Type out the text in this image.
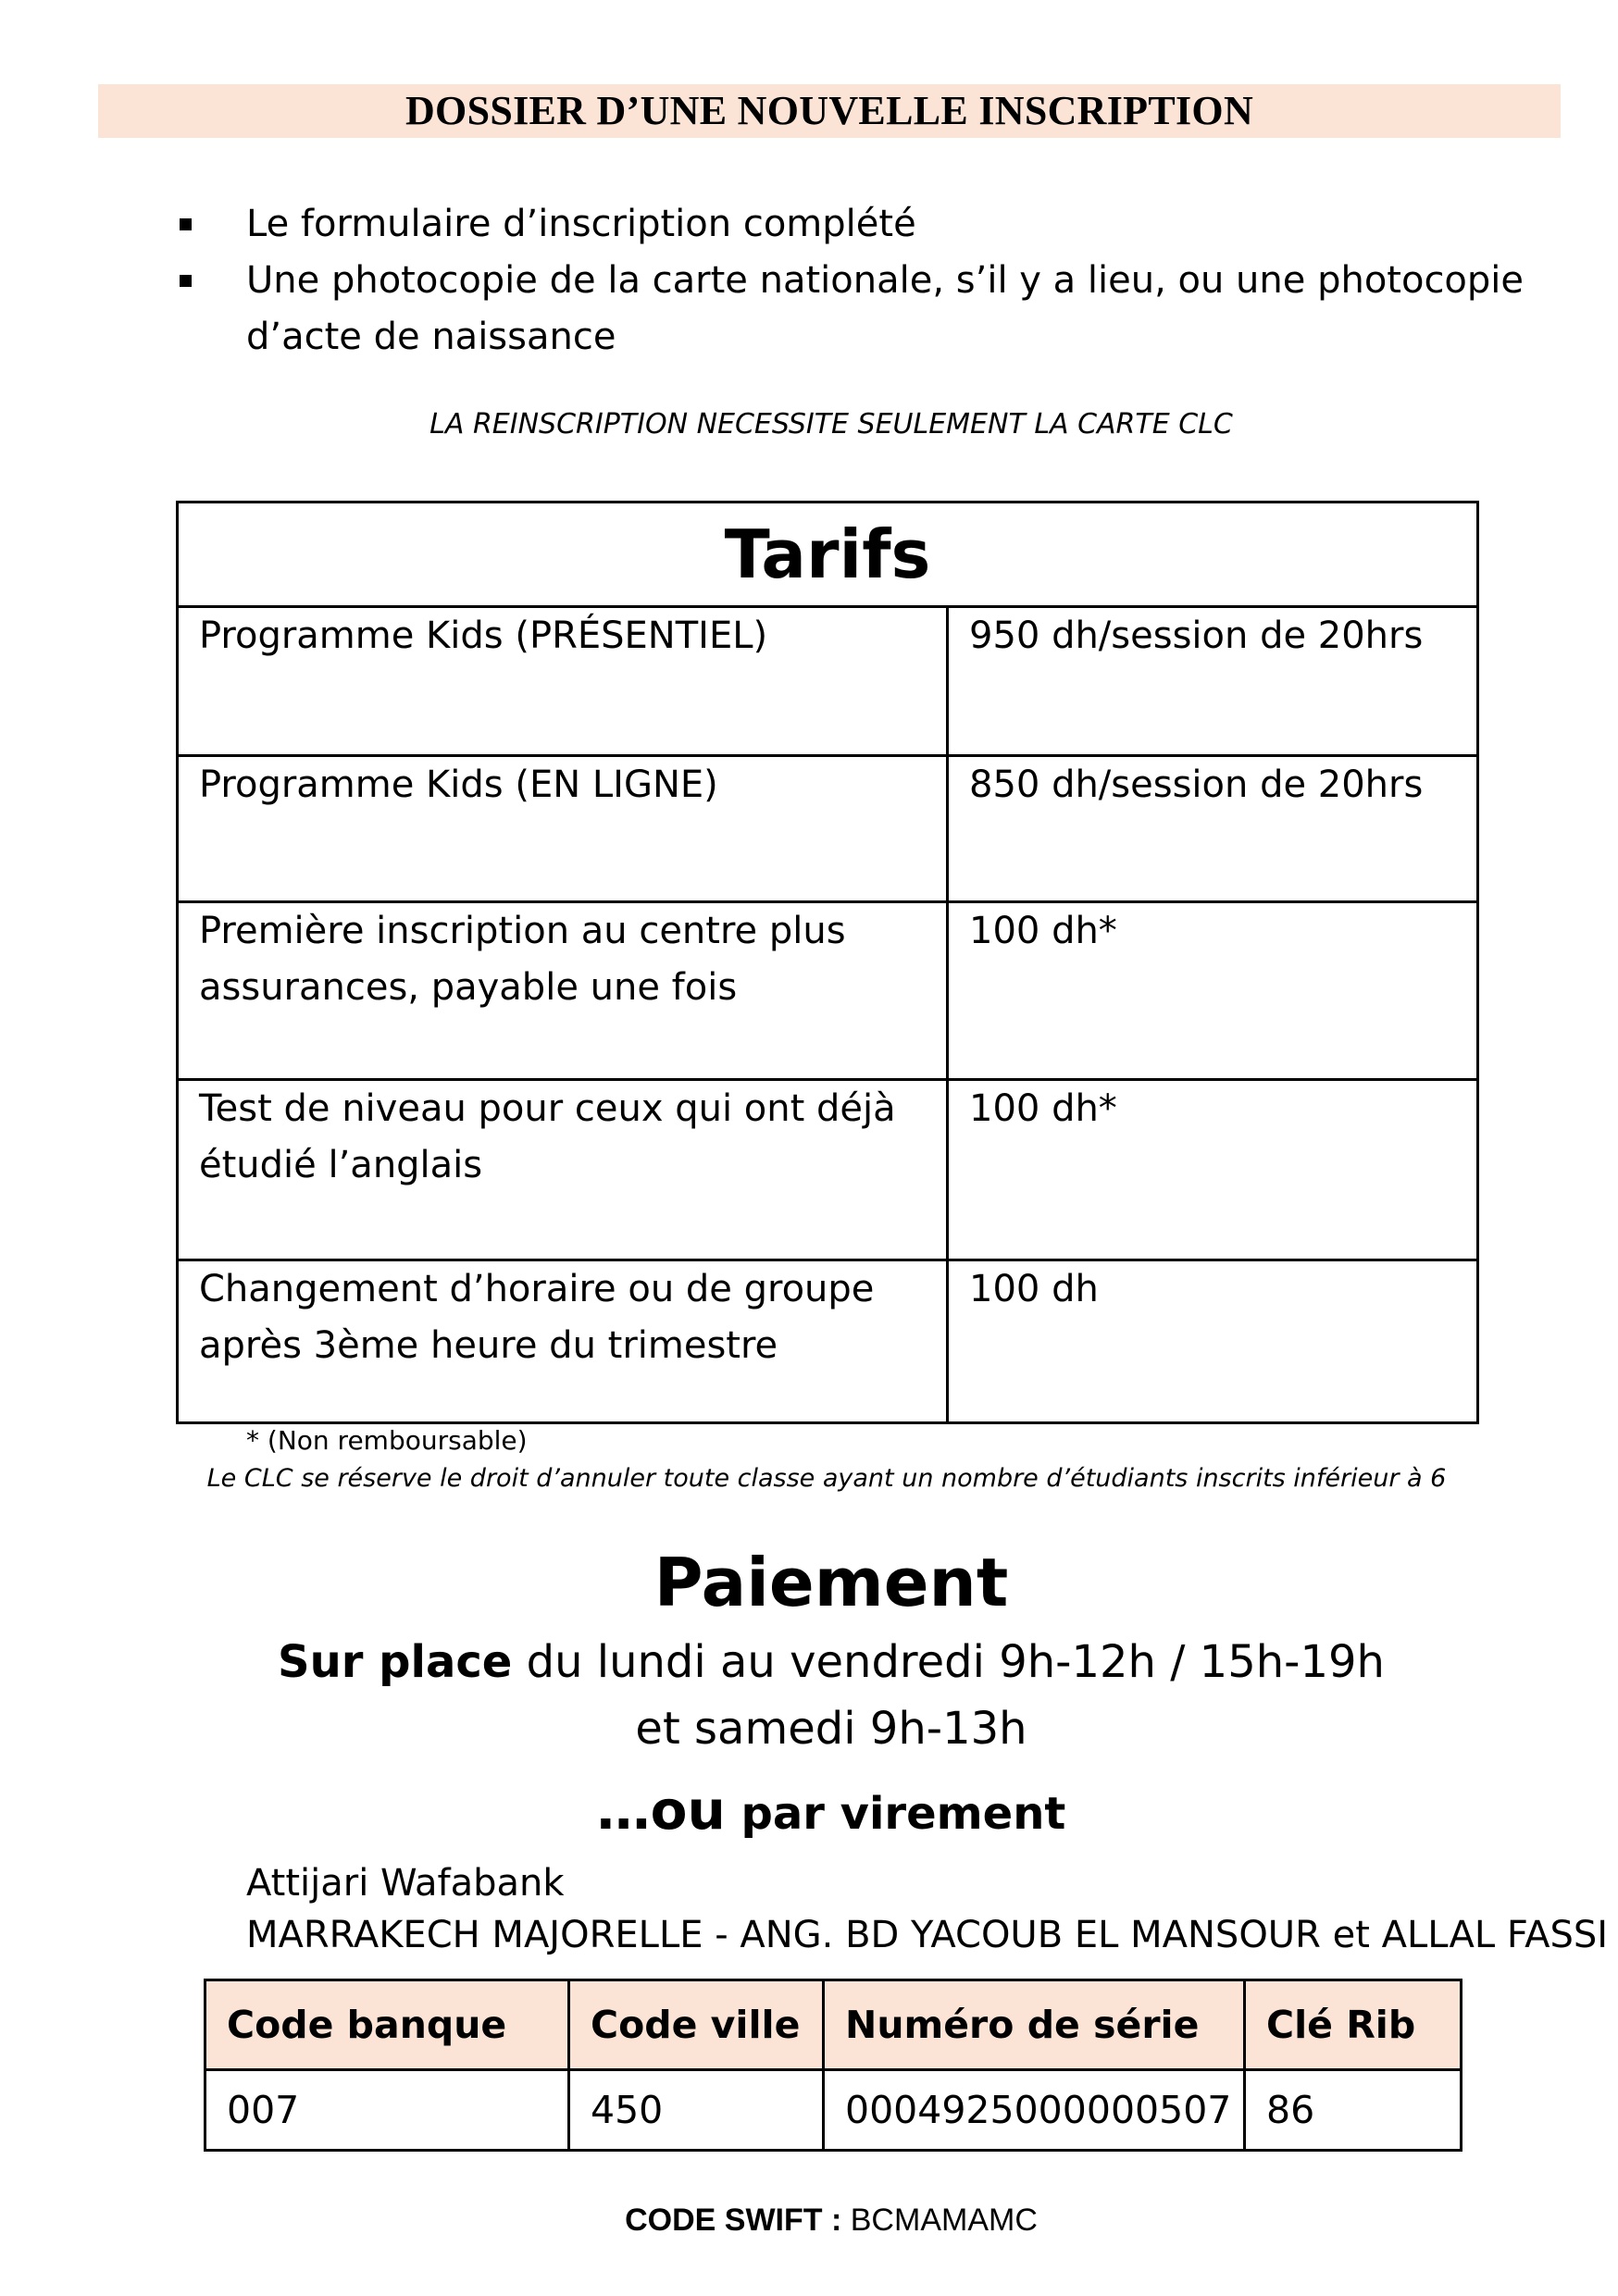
DOSSIER D’UNE NOUVELLE INSCRIPTION
Le formulaire d’inscription complété
Une photocopie de la carte nationale, s’il y a lieu, ou une photocopie d’acte de naissance
LA REINSCRIPTION NECESSITE SEULEMENT LA CARTE CLC
Tarifs	
Programme Kids (PRÉSENTIEL)	950 dh/session de 20hrs
Programme Kids (EN LIGNE)	850 dh/session de 20hrs
Première inscription au centre plus assurances, payable une fois	100 dh*
Test de niveau pour ceux qui ont déjà étudié l’anglais	100 dh*
Changement d’horaire ou de groupe après 3ème heure du trimestre	100 dh
* (Non remboursable)
Le CLC se réserve le droit d’annuler toute classe ayant un nombre d’étudiants inscrits inférieur à 6
Paiement
Sur place du lundi au vendredi 9h-12h / 15h-19h
et samedi 9h-13h
…ou par virement
Attijari Wafabank
MARRAKECH MAJORELLE - ANG. BD YACOUB EL MANSOUR et ALLAL FASSI
Code banque	Code ville	Numéro de série	Clé Rib
007	450	0004925000000507	86
CODE SWIFT : BCMAMAMC
